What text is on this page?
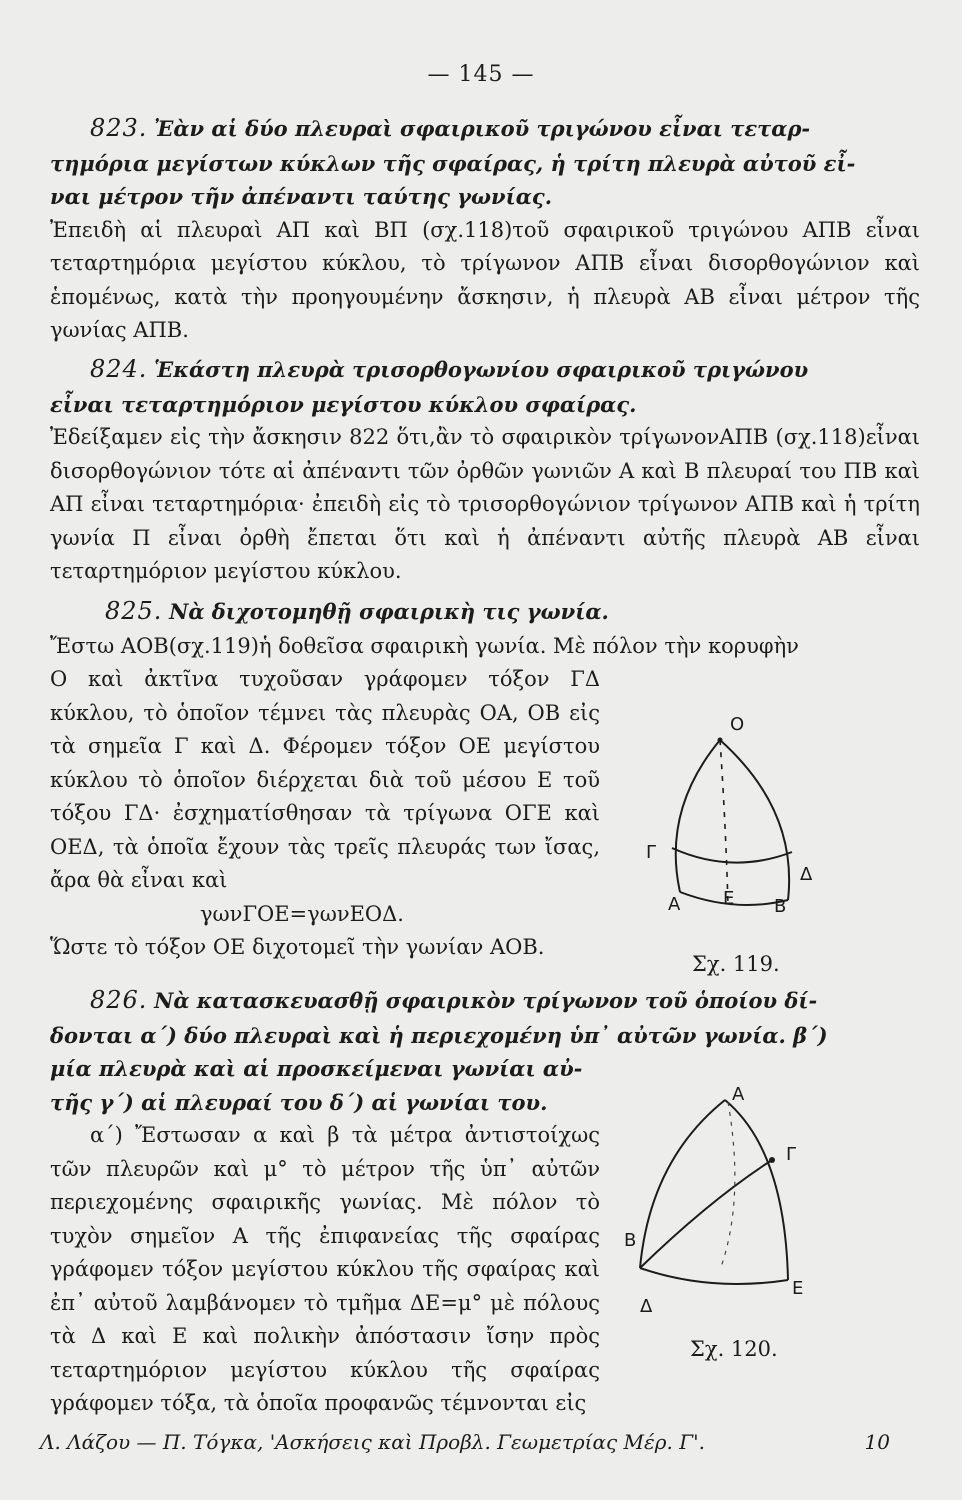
— 145 —
823. Ἐὰν αἱ δύο πλευραὶ σφαιρικοῦ τριγώνου εἶναι τεταρ-
τημόρια μεγίστων κύκλων τῆς σφαίρας, ἡ τρίτη πλευρὰ αὐτοῦ εἶ-
ναι μέτρον τῆν ἀπέναντι ταύτης γωνίας.
Ἐπειδὴ αἱ πλευραὶ ΑΠ καὶ ΒΠ (σχ.118)τοῦ σφαιρικοῦ τριγώνου ΑΠΒ εἶναι τεταρτημόρια μεγίστου κύκλου, τὸ τρίγωνον ΑΠΒ εἶναι δισορθογώνιον καὶ ἑπομένως, κατὰ τὴν προηγουμένην ἄσκησιν, ἡ πλευρὰ ΑΒ εἶναι μέτρον τῆς γωνίας ΑΠΒ.
824. Ἑκάστη πλευρὰ τρισορθογωνίου σφαιρικοῦ τριγώνου
εἶναι τεταρτημόριον μεγίστου κύκλου σφαίρας.
Ἐδείξαμεν εἰς τὴν ἄσκησιν 822 ὅτι,ἂν τὸ σφαιρικὸν τρίγωνονΑΠΒ (σχ.118)εἶναι δισορθογώνιον τότε αἱ ἀπέναντι τῶν ὀρθῶν γωνιῶν Α καὶ Β πλευραί του ΠΒ καὶ ΑΠ εἶναι τεταρτημόρια· ἐπειδὴ εἰς τὸ τρισορθογώνιον τρίγωνον ΑΠΒ καὶ ἡ τρίτη γωνία Π εἶναι ὀρθὴ ἔπεται ὅτι καὶ ἡ ἀπέναντι αὐτῆς πλευρὰ ΑΒ εἶναι τεταρτημόριον μεγίστου κύκλου.
825. Νὰ διχοτομηθῇ σφαιρικὴ τις γωνία.
Ἔστω ΑΟΒ(σχ.119)ἡ δοθεῖσα σφαιρικὴ γωνία. Μὲ πόλον τὴν κορυφὴν
Ο καὶ ἀκτῖνα τυχοῦσαν γράφομεν τόξον ΓΔ κύκλου, τὸ ὁποῖον τέμνει τὰς πλευρὰς ΟΑ, ΟΒ εἰς τὰ σημεῖα Γ καὶ Δ. Φέρομεν τόξον ΟΕ μεγίστου κύκλου τὸ ὁποῖον διέρχεται διὰ τοῦ μέσου Ε τοῦ τόξου ΓΔ· ἐσχηματίσθησαν τὰ τρίγωνα ΟΓΕ καὶ ΟΕΔ, τὰ ὁποῖα ἔχουν τὰς τρεῖς πλευράς των ἴσας, ἄρα θὰ εἶναι καὶ
γωνΓΟΕ=γωνΕΟΔ.
Ὥστε τὸ τόξον ΟΕ διχοτομεῖ τὴν γωνίαν ΑΟΒ.
O
Γ
Δ
A E B
Σχ. 119.
826. Νὰ κατασκευασθῇ σφαιρικὸν τρίγωνον τοῦ ὁποίου δί-
δονται α΄) δύο πλευραὶ καὶ ἡ περιεχομένη ὑπ᾽ αὐτῶν γωνία. β΄)
μία πλευρὰ καὶ αἱ προσκείμεναι γωνίαι αὐ-
τῆς γ΄) αἱ πλευραί του δ΄) αἱ γωνίαι του.
α΄) Ἔστωσαν α καὶ β τὰ μέτρα ἀντιστοίχως τῶν πλευρῶν καὶ μ° τὸ μέτρον τῆς ὑπ᾽ αὐτῶν περιεχομένης σφαιρικῆς γωνίας. Μὲ πόλον τὸ τυχὸν σημεῖον Α τῆς ἐπιφανείας τῆς σφαίρας γράφομεν τόξον μεγίστου κύκλου τῆς σφαίρας καὶ ἐπ᾽ αὐτοῦ λαμβάνομεν τὸ τμῆμα ΔΕ=μ° μὲ πόλους τὰ Δ καὶ Ε καὶ πολικὴν ἀπόστασιν ἴσην πρὸς τεταρτημόριον μεγίστου κύκλου τῆς σφαίρας γράφομεν τόξα, τὰ ὁποῖα προφανῶς τέμνονται εἰς
A
Γ
B
E
Δ
Σχ. 120.
Λ. Λάζου — Π. Τόγκα, 'Ασκήσεις καὶ Προβλ. Γεωμετρίας Μέρ. Γ'.	10
